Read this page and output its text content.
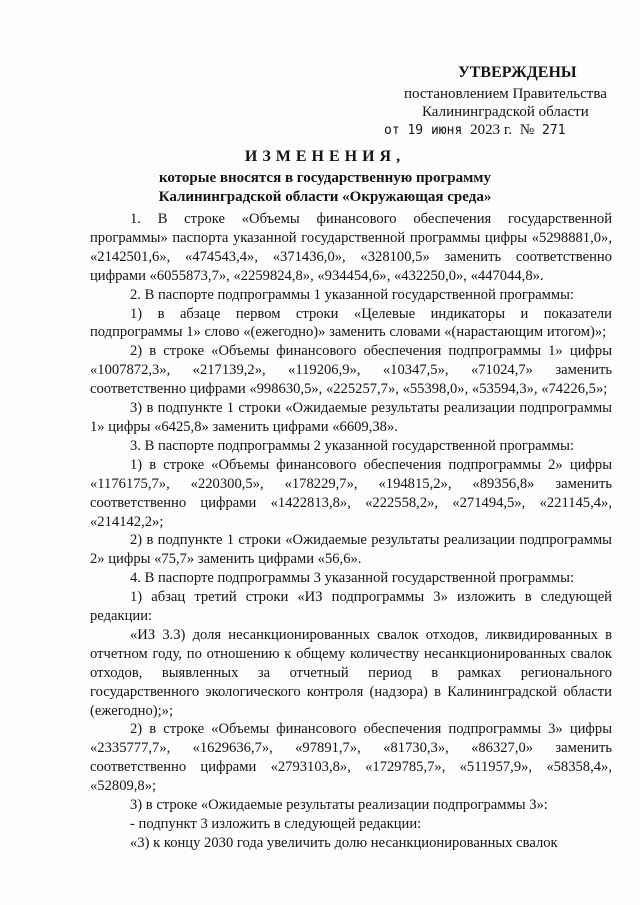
УТВЕРЖДЕНЫ
постановлением Правительства
Калининградской области
от 19 июня 2023 г. № 271
ИЗМЕНЕНИЯ,
которые вносятся в государственную программу
Калининградской области «Окружающая среда»

1. В строке «Объемы финансового обеспечения государственной программы» паспорта указанной государственной программы цифры «5298881,0», «2142501,6», «474543,4», «371436,0», «328100,5» заменить соответственно цифрами «6055873,7», «2259824,8», «934454,6», «432250,0», «447044,8».

2. В паспорте подпрограммы 1 указанной государственной программы:

1) в абзаце первом строки «Целевые индикаторы и показатели подпрограммы 1» слово «(ежегодно)» заменить словами «(нарастающим итогом)»;

2) в строке «Объемы финансового обеспечения подпрограммы 1» цифры «1007872,3», «217139,2», «119206,9», «10347,5», «71024,7» заменить соответственно цифрами «998630,5», «225257,7», «55398,0», «53594,3», «74226,5»;

3) в подпункте 1 строки «Ожидаемые результаты реализации подпрограммы 1» цифры «6425,8» заменить цифрами «6609,38».

3. В паспорте подпрограммы 2 указанной государственной программы:

1) в строке «Объемы финансового обеспечения подпрограммы 2» цифры «1176175,7», «220300,5», «178229,7», «194815,2», «89356,8» заменить соответственно цифрами «1422813,8», «222558,2», «271494,5», «221145,4», «214142,2»;

2) в подпункте 1 строки «Ожидаемые результаты реализации подпрограммы 2» цифры «75,7» заменить цифрами «56,6».

4. В паспорте подпрограммы 3 указанной государственной программы:

1) абзац третий строки «ИЗ подпрограммы 3» изложить в следующей редакции:

«ИЗ 3.3) доля несанкционированных свалок отходов, ликвидированных в отчетном году, по отношению к общему количеству несанкционированных свалок отходов, выявленных за отчетный период в рамках регионального государственного экологического контроля (надзора) в Калининградской области (ежегодно);»;

2) в строке «Объемы финансового обеспечения подпрограммы 3» цифры «2335777,7», «1629636,7», «97891,7», «81730,3», «86327,0» заменить соответственно цифрами «2793103,8», «1729785,7», «511957,9», «58358,4», «52809,8»;

3) в строке «Ожидаемые результаты реализации подпрограммы 3»:

- подпункт 3 изложить в следующей редакции:

«3) к концу 2030 года увеличить долю несанкционированных свалок
